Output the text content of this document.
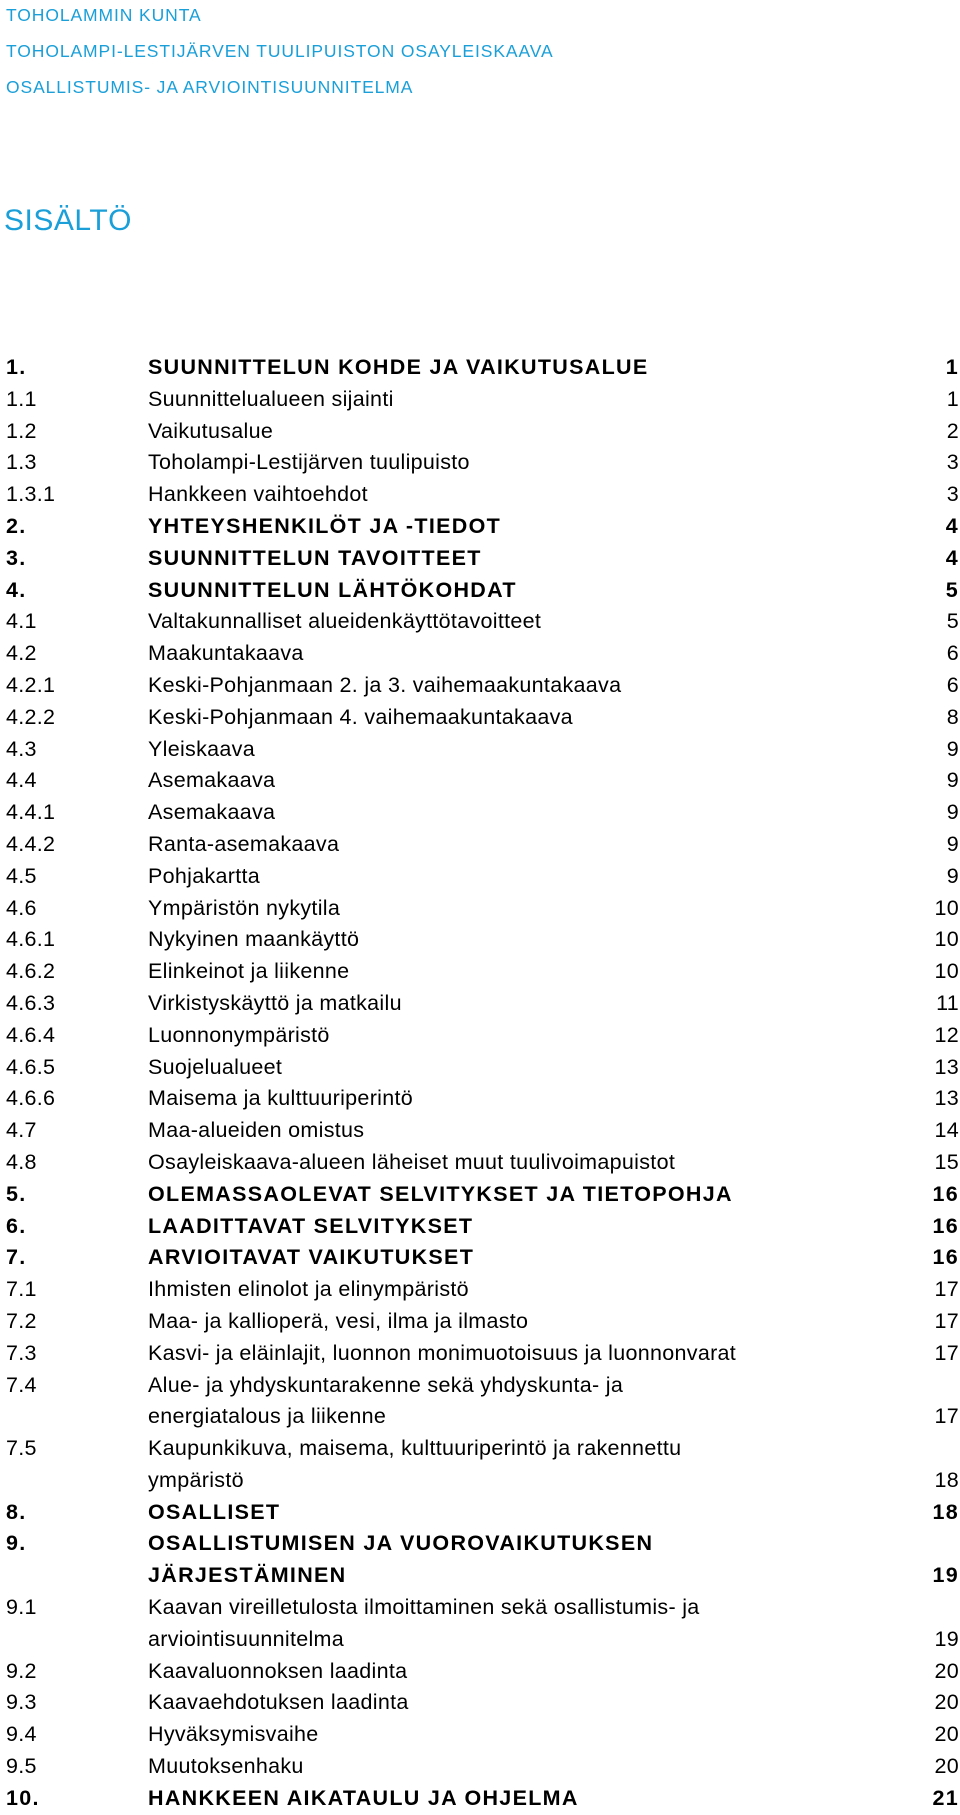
TOHOLAMMIN KUNTA
TOHOLAMPI-LESTIJÄRVEN TUULIPUISTON OSAYLEISKAAVA
OSALLISTUMIS- JA ARVIOINTISUUNNITELMA
SISÄLTÖ
1.	SUUNNITTELUN KOHDE JA VAIKUTUSALUE	1
1.1	Suunnittelualueen sijainti	1
1.2	Vaikutusalue	2
1.3	Toholampi-Lestijärven tuulipuisto	3
1.3.1	Hankkeen vaihtoehdot	3
2.	YHTEYSHENKILÖT JA -TIEDOT	4
3.	SUUNNITTELUN TAVOITTEET	4
4.	SUUNNITTELUN LÄHTÖKOHDAT	5
4.1	Valtakunnalliset alueidenkäyttötavoitteet	5
4.2	Maakuntakaava	6
4.2.1	Keski-Pohjanmaan 2. ja 3. vaihemaakuntakaava	6
4.2.2	Keski-Pohjanmaan 4. vaihemaakuntakaava	8
4.3	Yleiskaava	9
4.4	Asemakaava	9
4.4.1	Asemakaava	9
4.4.2	Ranta-asemakaava	9
4.5	Pohjakartta	9
4.6	Ympäristön nykytila	10
4.6.1	Nykyinen maankäyttö	10
4.6.2	Elinkeinot ja liikenne	10
4.6.3	Virkistyskäyttö ja matkailu	11
4.6.4	Luonnonympäristö	12
4.6.5	Suojelualueet	13
4.6.6	Maisema ja kulttuuriperintö	13
4.7	Maa-alueiden omistus	14
4.8	Osayleiskaava-alueen läheiset muut tuulivoimapuistot	15
5.	OLEMASSAOLEVAT SELVITYKSET JA TIETOPOHJA	16
6.	LAADITTAVAT SELVITYKSET	16
7.	ARVIOITAVAT VAIKUTUKSET	16
7.1	Ihmisten elinolot ja elinympäristö	17
7.2	Maa- ja kallioperä, vesi, ilma ja ilmasto	17
7.3	Kasvi- ja eläinlajit, luonnon monimuotoisuus ja luonnonvarat	17
7.4	Alue- ja yhdyskuntarakenne sekä yhdyskunta- ja
energiatalous ja liikenne	17
7.5	Kaupunkikuva, maisema, kulttuuriperintö ja rakennettu
ympäristö	18
8.	OSALLISET	18
9.	OSALLISTUMISEN JA VUOROVAIKUTUKSEN
JÄRJESTÄMINEN	19
9.1	Kaavan vireilletulosta ilmoittaminen sekä osallistumis- ja
arviointisuunnitelma	19
9.2	Kaavaluonnoksen laadinta	20
9.3	Kaavaehdotuksen laadinta	20
9.4	Hyväksymisvaihe	20
9.5	Muutoksenhaku	20
10.	HANKKEEN AIKATAULU JA OHJELMA	21
